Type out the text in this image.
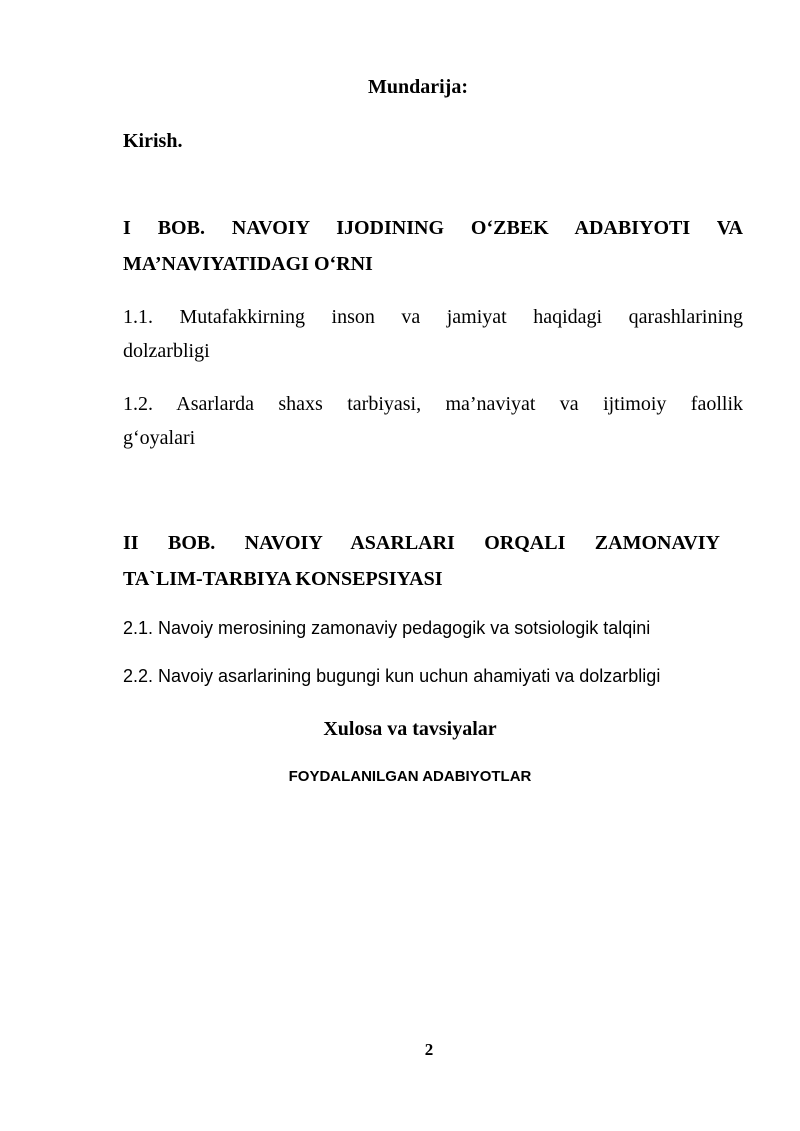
Mundarija:
Kirish.
I BOB. NAVOIY IJODINING O‘ZBEK ADABIYOTI VA
MA’NAVIYATIDAGI O‘RNI
1.1. Mutafakkirning inson va jamiyat haqidagi qarashlarining
dolzarbligi
1.2. Asarlarda shaxs tarbiyasi, ma’naviyat va ijtimoiy faollik
g‘oyalari
II BOB. NAVOIY ASARLARI ORQALI ZAMONAVIY
TA`LIM-TARBIYA KONSEPSIYASI
2.1. Navoiy merosining zamonaviy pedagogik va sotsiologik talqini
2.2. Navoiy asarlarining bugungi kun uchun ahamiyati va dolzarbligi
Xulosa va tavsiyalar
FOYDALANILGAN ADABIYOTLAR
2
